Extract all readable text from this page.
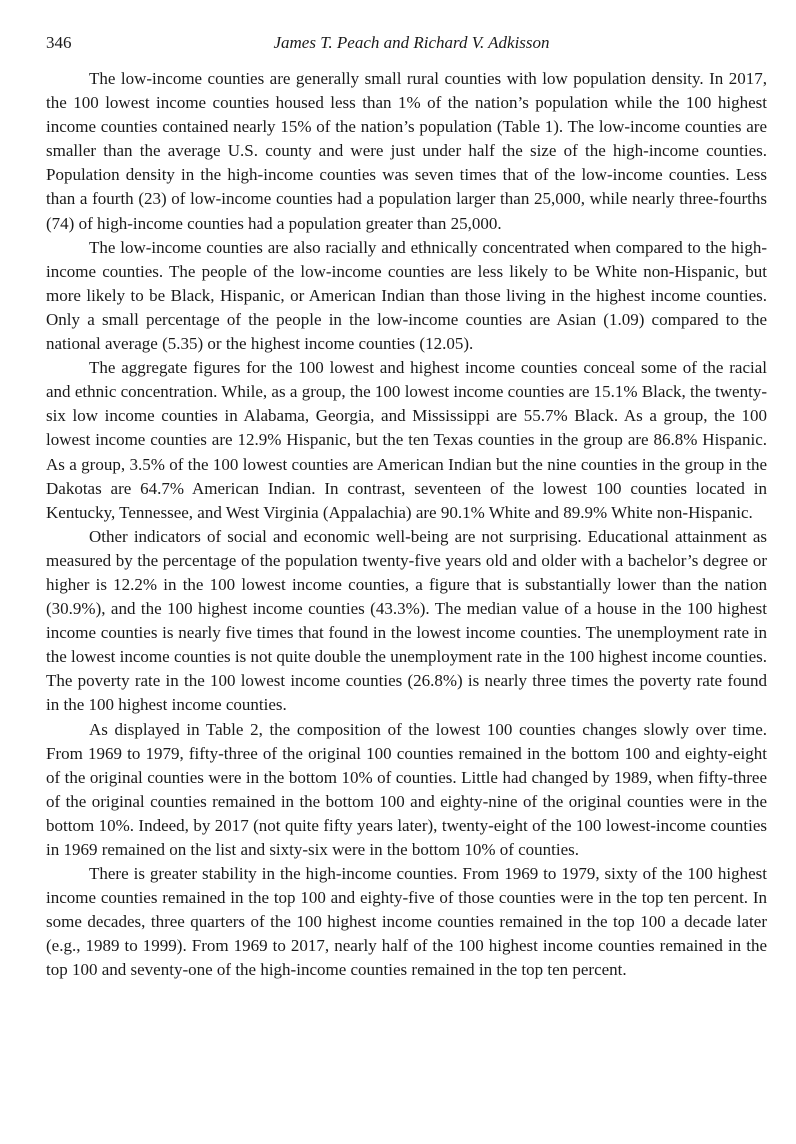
346	James T. Peach and Richard V. Adkisson

The low-income counties are generally small rural counties with low population density. In 2017, the 100 lowest income counties housed less than 1% of the nation’s population while the 100 highest income counties contained nearly 15% of the nation’s population (Table 1). The low-income counties are smaller than the average U.S. county and were just under half the size of the high-income counties. Population density in the high-income counties was seven times that of the low-income counties. Less than a fourth (23) of low-income counties had a population larger than 25,000, while nearly three-fourths (74) of high-income counties had a population greater than 25,000.

The low-income counties are also racially and ethnically concentrated when compared to the high-income counties. The people of the low-income counties are less likely to be White non-Hispanic, but more likely to be Black, Hispanic, or American Indian than those living in the highest income counties. Only a small percentage of the people in the low-income counties are Asian (1.09) compared to the national average (5.35) or the highest income counties (12.05).

The aggregate figures for the 100 lowest and highest income counties conceal some of the racial and ethnic concentration. While, as a group, the 100 lowest income counties are 15.1% Black, the twenty-six low income counties in Alabama, Georgia, and Mississippi are 55.7% Black. As a group, the 100 lowest income counties are 12.9% Hispanic, but the ten Texas counties in the group are 86.8% Hispanic. As a group, 3.5% of the 100 lowest counties are American Indian but the nine counties in the group in the Dakotas are 64.7% American Indian. In contrast, seventeen of the lowest 100 counties located in Kentucky, Tennessee, and West Virginia (Appalachia) are 90.1% White and 89.9% White non-Hispanic.

Other indicators of social and economic well-being are not surprising. Educational attainment as measured by the percentage of the population twenty-five years old and older with a bachelor’s degree or higher is 12.2% in the 100 lowest income counties, a figure that is substantially lower than the nation (30.9%), and the 100 highest income counties (43.3%). The median value of a house in the 100 highest income counties is nearly five times that found in the lowest income counties. The unemployment rate in the lowest income counties is not quite double the unemployment rate in the 100 highest income counties. The poverty rate in the 100 lowest income counties (26.8%) is nearly three times the poverty rate found in the 100 highest income counties.

As displayed in Table 2, the composition of the lowest 100 counties changes slowly over time. From 1969 to 1979, fifty-three of the original 100 counties remained in the bottom 100 and eighty-eight of the original counties were in the bottom 10% of counties. Little had changed by 1989, when fifty-three of the original counties remained in the bottom 100 and eighty-nine of the original counties were in the bottom 10%. Indeed, by 2017 (not quite fifty years later), twenty-eight of the 100 lowest-income counties in 1969 remained on the list and sixty-six were in the bottom 10% of counties.

There is greater stability in the high-income counties. From 1969 to 1979, sixty of the 100 highest income counties remained in the top 100 and eighty-five of those counties were in the top ten percent. In some decades, three quarters of the 100 highest income counties remained in the top 100 a decade later (e.g., 1989 to 1999). From 1969 to 2017, nearly half of the 100 highest income counties remained in the top 100 and seventy-one of the high-income counties remained in the top ten percent.
